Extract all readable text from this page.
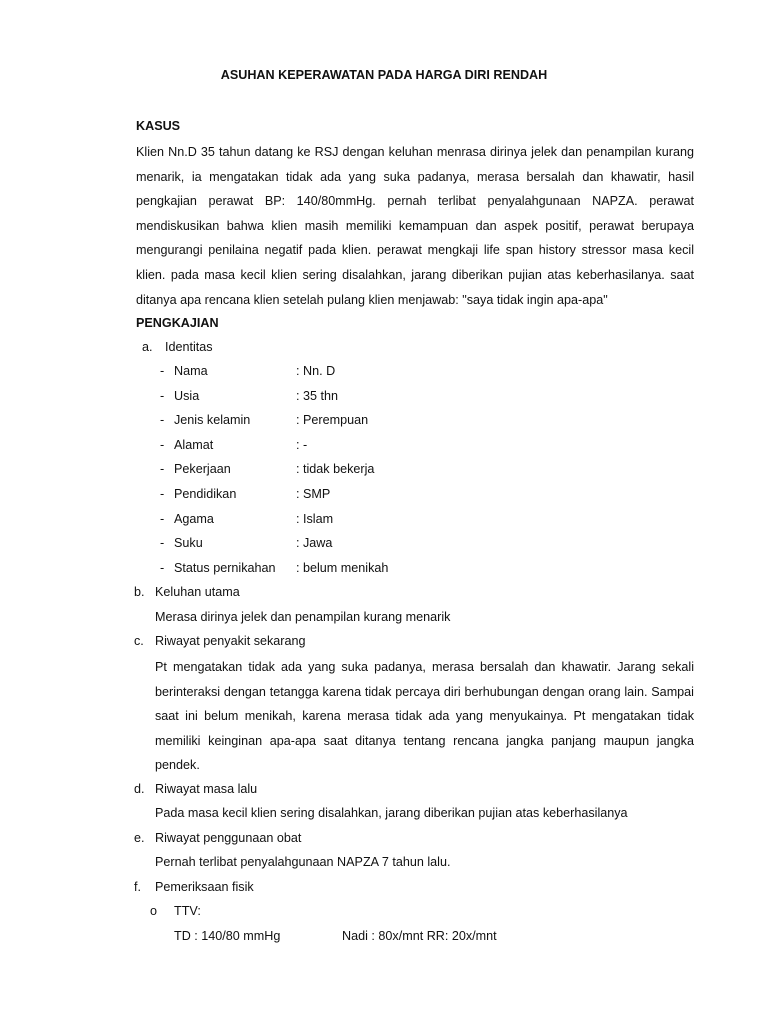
ASUHAN KEPERAWATAN PADA HARGA DIRI RENDAH
KASUS
Klien Nn.D 35 tahun datang ke RSJ dengan keluhan menrasa dirinya jelek dan penampilan kurang menarik, ia mengatakan tidak ada yang suka padanya, merasa bersalah dan khawatir, hasil pengkajian perawat BP: 140/80mmHg. pernah terlibat penyalahgunaan NAPZA. perawat mendiskusikan bahwa klien masih memiliki kemampuan dan aspek positif, perawat berupaya mengurangi penilaina negatif pada klien. perawat mengkaji life span history stressor masa kecil klien. pada masa kecil klien sering disalahkan, jarang diberikan pujian atas keberhasilanya. saat ditanya apa rencana klien setelah pulang klien menjawab: "saya tidak ingin apa-apa"
PENGKAJIAN
a. Identitas
- Nama	: Nn. D
- Usia	: 35 thn
- Jenis kelamin	: Perempuan
- Alamat	: -
- Pekerjaan	: tidak bekerja
- Pendidikan	: SMP
- Agama	: Islam
- Suku	: Jawa
- Status pernikahan : belum menikah
b. Keluhan utama
Merasa dirinya jelek dan penampilan kurang menarik
c. Riwayat penyakit sekarang
Pt mengatakan tidak ada yang suka padanya, merasa bersalah dan khawatir. Jarang sekali berinteraksi dengan tetangga karena tidak percaya diri berhubungan dengan orang lain. Sampai saat ini belum menikah, karena merasa tidak ada yang menyukainya. Pt mengatakan tidak memiliki keinginan apa-apa saat ditanya tentang rencana jangka panjang maupun jangka pendek.
d. Riwayat masa lalu
Pada masa kecil klien sering disalahkan, jarang diberikan pujian atas keberhasilanya
e. Riwayat penggunaan obat
Pernah terlibat penyalahgunaan NAPZA 7 tahun lalu.
f. Pemeriksaan fisik
o TTV:
TD : 140/80 mmHg	Nadi : 80x/mnt RR: 20x/mnt
